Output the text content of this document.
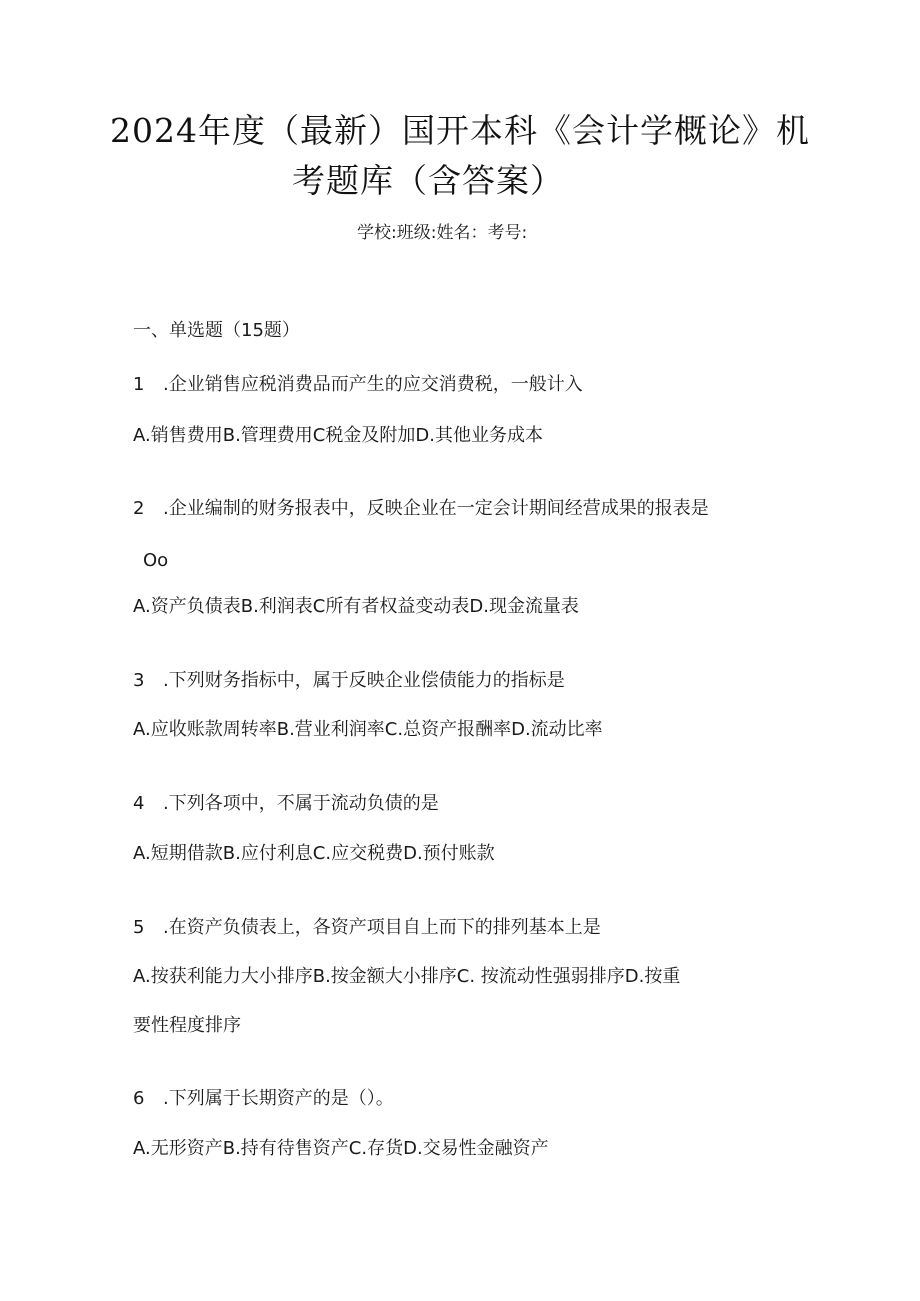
2024年度（最新）国开本科《会计学概论》机
考题库（含答案）
学校:班级:姓名：考号:
一、单选题（15题）
1 .企业销售应税消费品而产生的应交消费税，一般计入
A.销售费用B.管理费用C税金及附加D.其他业务成本
2 .企业编制的财务报表中，反映企业在一定会计期间经营成果的报表是
Oo
A.资产负债表B.利润表C所有者权益变动表D.现金流量表
3 .下列财务指标中，属于反映企业偿债能力的指标是
A.应收账款周转率B.营业利润率C.总资产报酬率D.流动比率
4 .下列各项中，不属于流动负债的是
A.短期借款B.应付利息C.应交税费D.预付账款
5 .在资产负债表上，各资产项目自上而下的排列基本上是
A.按获利能力大小排序B.按金额大小排序C. 按流动性强弱排序D.按重
要性程度排序
6 .下列属于长期资产的是（）。
A.无形资产B.持有待售资产C.存货D.交易性金融资产
